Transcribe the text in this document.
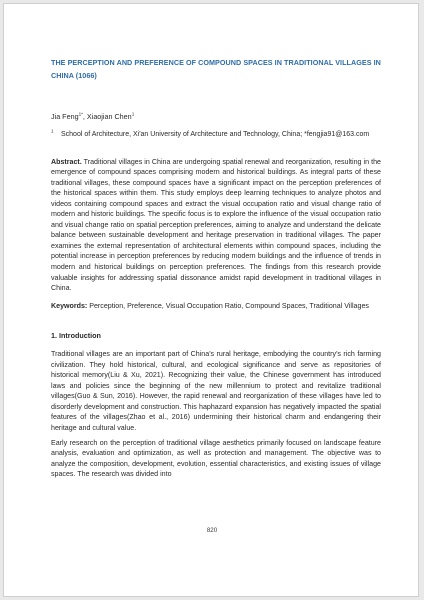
THE PERCEPTION AND PREFERENCE OF COMPOUND SPACES IN TRADITIONAL VILLAGES IN CHINA (1066)
Jia Feng$^{1*}$, Xiaojian Chen$^1$
$^1$	School of Architecture, Xi'an University of Architecture and Technology, China; *fengjia91@163.com
Abstract. Traditional villages in China are undergoing spatial renewal and reorganization, resulting in the emergence of compound spaces comprising modern and historical buildings. As integral parts of these traditional villages, these compound spaces have a significant impact on the perception preferences of the historical spaces within them. This study employs deep learning techniques to analyze photos and videos containing compound spaces and extract the visual occupation ratio and visual change ratio of modern and historic buildings. The specific focus is to explore the influence of the visual occupation ratio and visual change ratio on spatial perception preferences, aiming to analyze and understand the delicate balance between sustainable development and heritage preservation in traditional villages. The paper examines the external representation of architectural elements within compound spaces, including the potential increase in perception preferences by reducing modern buildings and the influence of trends in modern and historical buildings on perception preferences. The findings from this research provide valuable insights for addressing spatial dissonance amidst rapid development in traditional villages in China.
Keywords: Perception, Preference, Visual Occupation Ratio, Compound Spaces, Traditional Villages
1. Introduction
Traditional villages are an important part of China's rural heritage, embodying the country's rich farming civilization. They hold historical, cultural, and ecological significance and serve as repositories of historical memory(Liu & Xu, 2021). Recognizing their value, the Chinese government has introduced laws and policies since the beginning of the new millennium to protect and revitalize traditional villages(Guo & Sun, 2016). However, the rapid renewal and reorganization of these villages have led to disorderly development and construction. This haphazard expansion has negatively impacted the spatial features of the villages(Zhao et al., 2016) undermining their historical charm and endangering their heritage and cultural value.
Early research on the perception of traditional village aesthetics primarily focused on landscape feature analysis, evaluation and optimization, as well as protection and management. The objective was to analyze the composition, development, evolution, essential characteristics, and existing issues of village spaces. The research was divided into
820
